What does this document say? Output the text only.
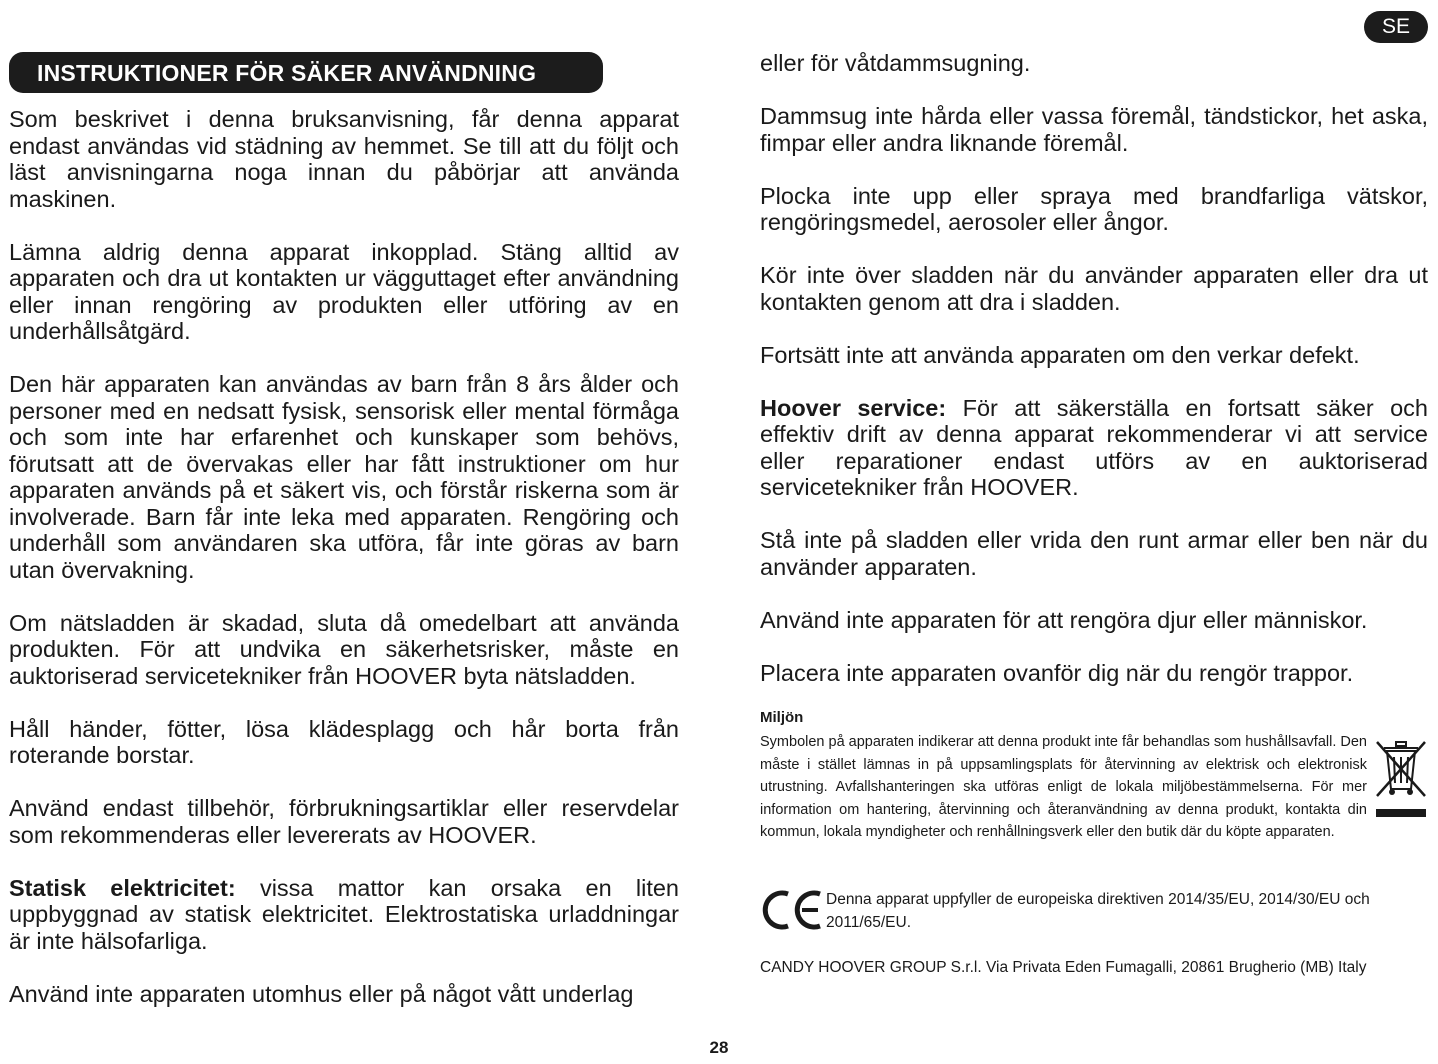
SE
INSTRUKTIONER FÖR SÄKER ANVÄNDNING

Som beskrivet i denna bruksanvisning, får denna apparat endast användas vid städning av hemmet. Se till att du följt och läst anvisningarna noga innan du påbörjar att använda maskinen.

Lämna aldrig denna apparat inkopplad. Stäng alltid av apparaten och dra ut kontakten ur vägguttaget efter användning eller innan rengöring av produkten eller utföring av en underhållsåtgärd.

Den här apparaten kan användas av barn från 8 års ålder och personer med en nedsatt fysisk, sensorisk eller mental förmåga och som inte har erfarenhet och kunskaper som behövs, förutsatt att de övervakas eller har fått instruktioner om hur apparaten används på et säkert vis, och förstår riskerna som är involverade. Barn får inte leka med apparaten. Rengöring och underhåll som användaren ska utföra, får inte göras av barn utan övervakning.

Om nätsladden är skadad, sluta då omedelbart att använda produkten. För att undvika en säkerhetsrisker, måste en auktoriserad servicetekniker från HOOVER byta nätsladden.

Håll händer, fötter, lösa klädesplagg och hår borta från roterande borstar.

Använd endast tillbehör, förbrukningsartiklar eller reservdelar som rekommenderas eller levererats av HOOVER.

Statisk elektricitet: vissa mattor kan orsaka en liten uppbyggnad av statisk elektricitet. Elektrostatiska urladdningar är inte hälsofarliga.

Använd inte apparaten utomhus eller på något vått underlag

eller för våtdammsugning.

Dammsug inte hårda eller vassa föremål, tändstickor, het aska, fimpar eller andra liknande föremål.

Plocka inte upp eller spraya med brandfarliga vätskor, rengöringsmedel, aerosoler eller ångor.

Kör inte över sladden när du använder apparaten eller dra ut kontakten genom att dra i sladden.

Fortsätt inte att använda apparaten om den verkar defekt.

Hoover service: För att säkerställa en fortsatt säker och effektiv drift av denna apparat rekommenderar vi att service eller reparationer endast utförs av en auktoriserad servicetekniker från HOOVER.

Stå inte på sladden eller vrida den runt armar eller ben när du använder apparaten.

Använd inte apparaten för att rengöra djur eller människor.

Placera inte apparaten ovanför dig när du rengör trappor.

Miljön

Symbolen på apparaten indikerar att denna produkt inte får behandlas som hushållsavfall. Den måste i stället lämnas in på uppsamlingsplats för återvinning av elektrisk och elektronisk utrustning. Avfallshanteringen ska utföras enligt de lokala miljöbestämmelserna. För mer information om hantering, återvinning och återanvändning av denna produkt, kontakta din kommun, lokala myndigheter och renhållningsverk eller den butik där du köpte apparaten.

Denna apparat uppfyller de europeiska direktiven 2014/35/EU, 2014/30/EU och 2011/65/EU.

CANDY HOOVER GROUP S.r.l. Via Privata Eden Fumagalli, 20861 Brugherio (MB) Italy

28
